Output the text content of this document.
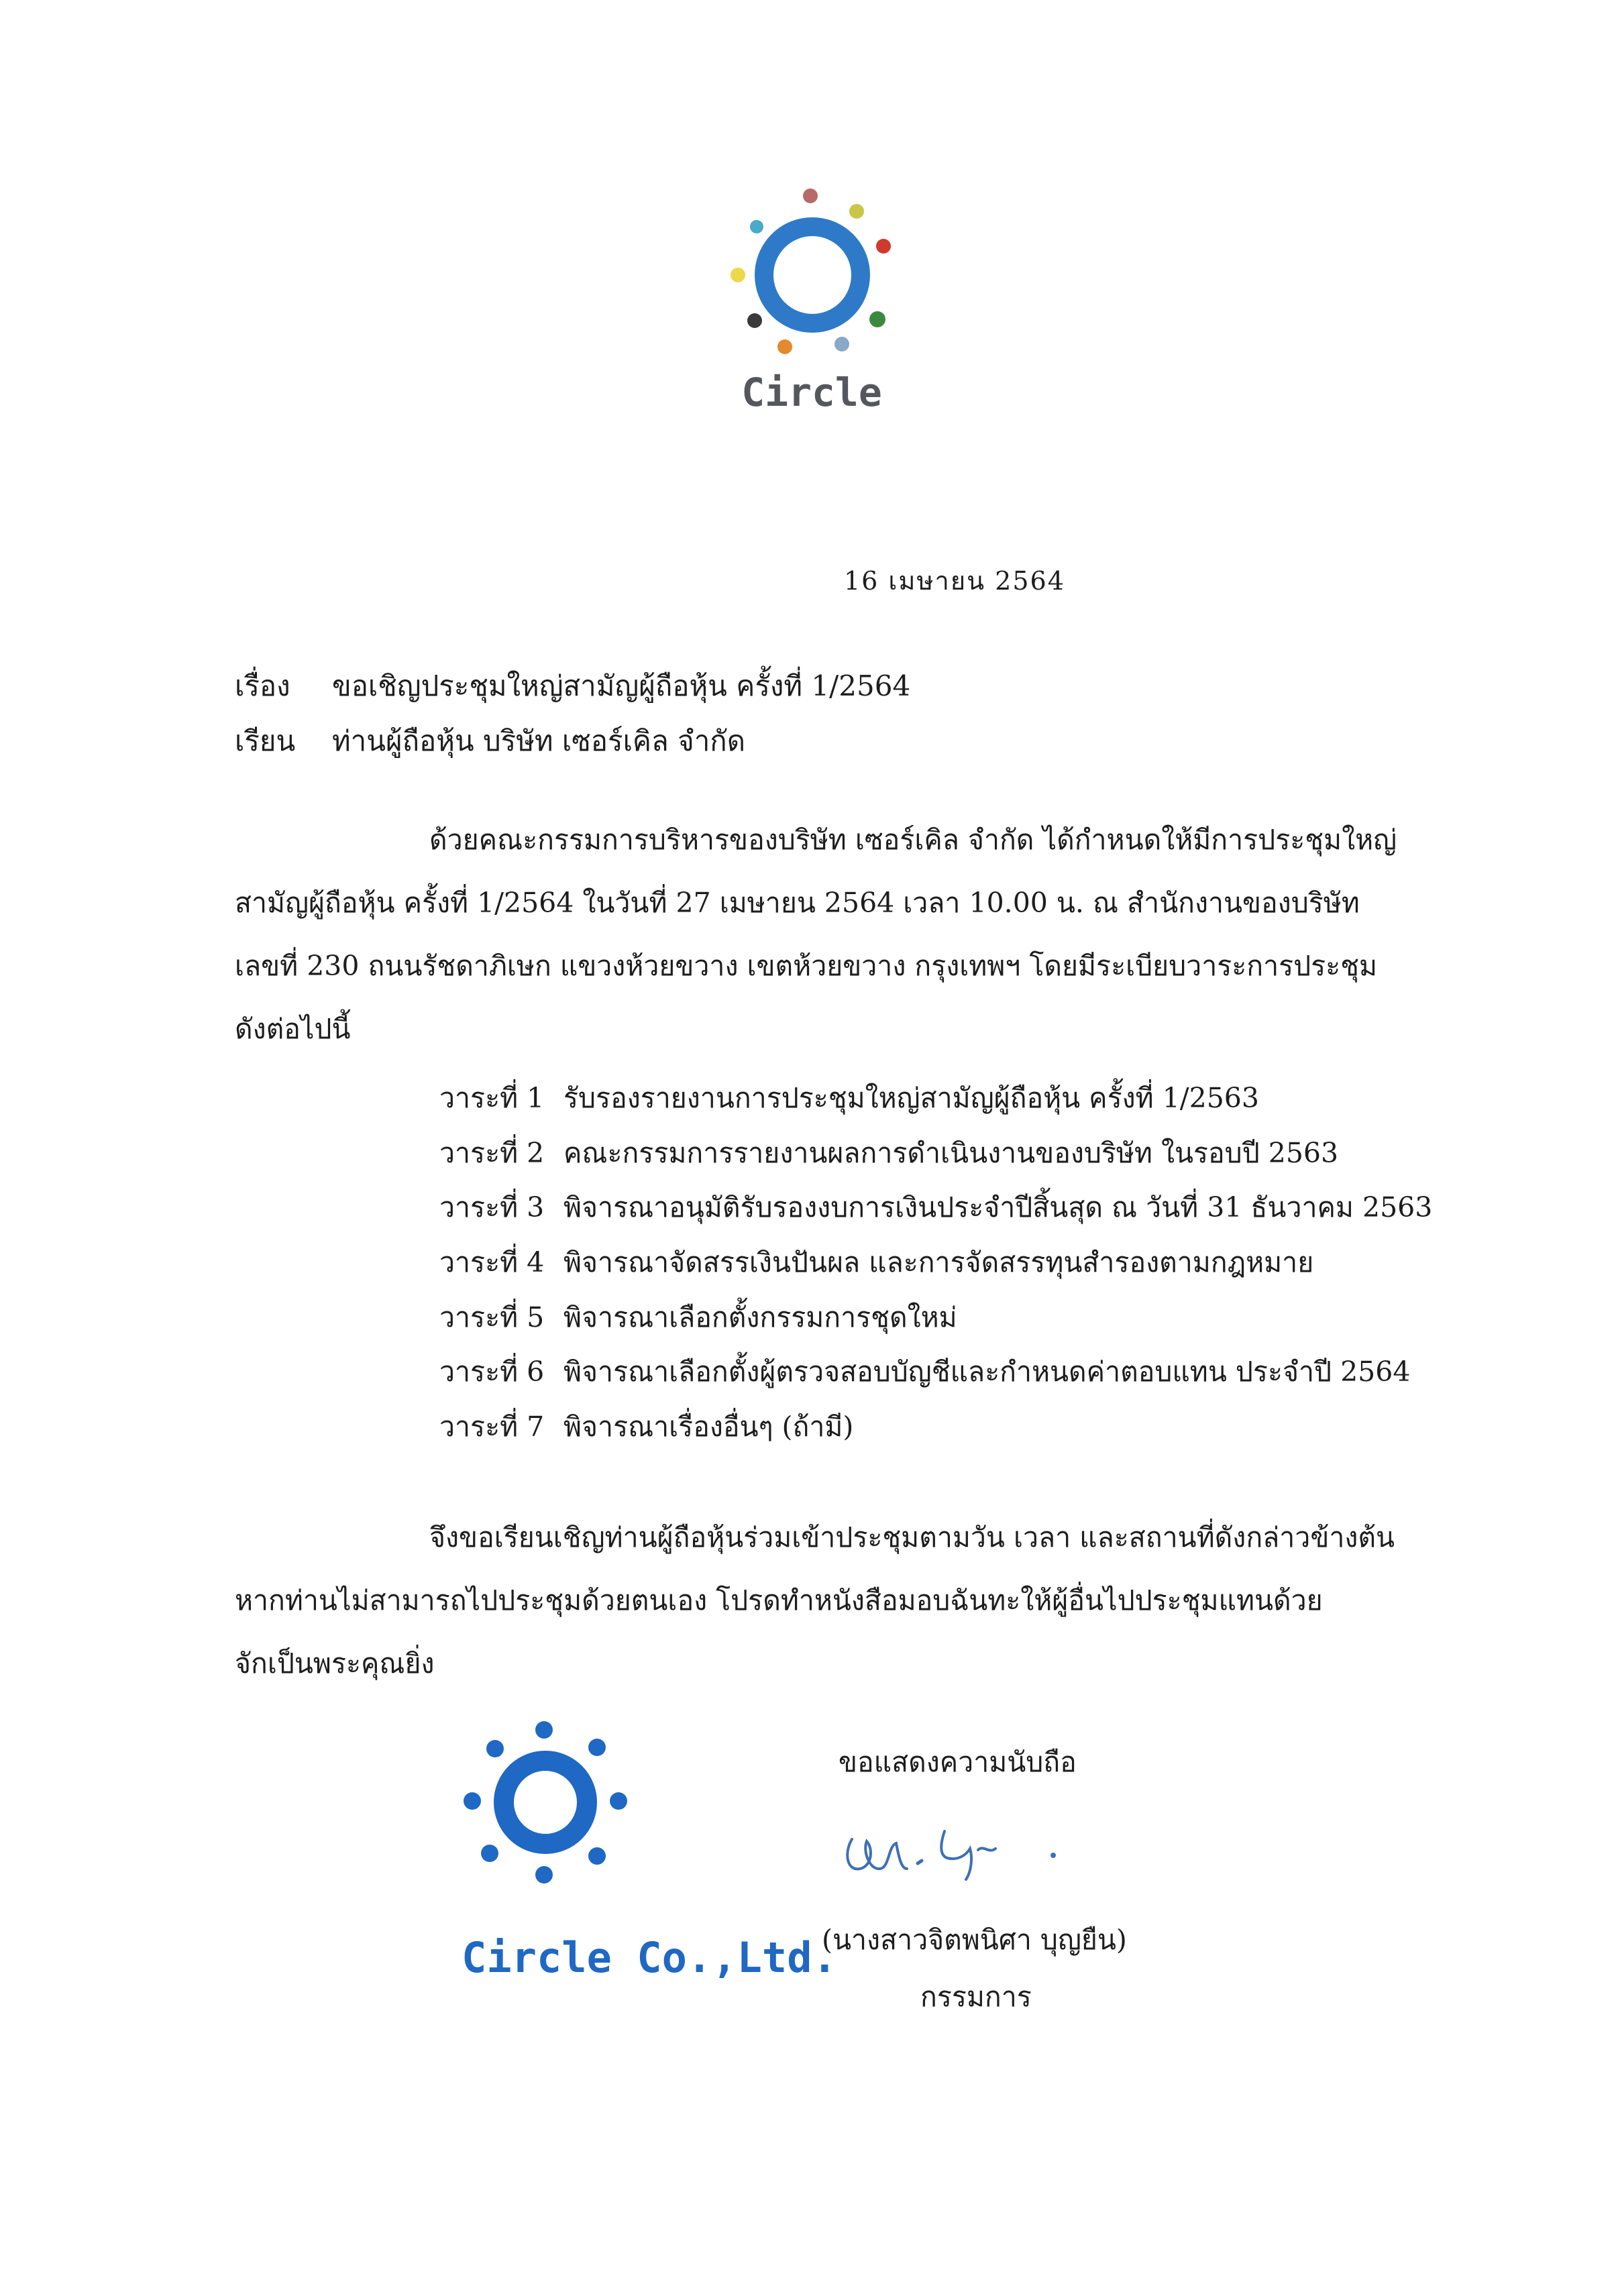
Circle
16 เมษายน 2564
เรื่อง ขอเชิญประชุมใหญ่สามัญผู้ถือหุ้น ครั้งที่ 1/2564
เรียน ท่านผู้ถือหุ้น บริษัท เซอร์เคิล จำกัด
ด้วยคณะกรรมการบริหารของบริษัท เซอร์เคิล จำกัด ได้กำหนดให้มีการประชุมใหญ่
สามัญผู้ถือหุ้น ครั้งที่ 1/2564 ในวันที่ 27 เมษายน 2564 เวลา 10.00 น. ณ สำนักงานของบริษัท
เลขที่ 230 ถนนรัชดาภิเษก แขวงห้วยขวาง เขตห้วยขวาง กรุงเทพฯ โดยมีระเบียบวาระการประชุม
ดังต่อไปนี้
วาระที่ 1 รับรองรายงานการประชุมใหญ่สามัญผู้ถือหุ้น ครั้งที่ 1/2563
วาระที่ 2 คณะกรรมการรายงานผลการดำเนินงานของบริษัท ในรอบปี 2563
วาระที่ 3 พิจารณาอนุมัติรับรองงบการเงินประจำปีสิ้นสุด ณ วันที่ 31 ธันวาคม 2563
วาระที่ 4 พิจารณาจัดสรรเงินปันผล และการจัดสรรทุนสำรองตามกฎหมาย
วาระที่ 5 พิจารณาเลือกตั้งกรรมการชุดใหม่
วาระที่ 6 พิจารณาเลือกตั้งผู้ตรวจสอบบัญชีและกำหนดค่าตอบแทน ประจำปี 2564
วาระที่ 7 พิจารณาเรื่องอื่นๆ (ถ้ามี)
จึงขอเรียนเชิญท่านผู้ถือหุ้นร่วมเข้าประชุมตามวัน เวลา และสถานที่ดังกล่าวข้างต้น
หากท่านไม่สามารถไปประชุมด้วยตนเอง โปรดทำหนังสือมอบฉันทะให้ผู้อื่นไปประชุมแทนด้วย
จักเป็นพระคุณยิ่ง
Circle Co.,Ltd.
ขอแสดงความนับถือ
(นางสาวจิตพนิศา บุญยืน)
กรรมการ
